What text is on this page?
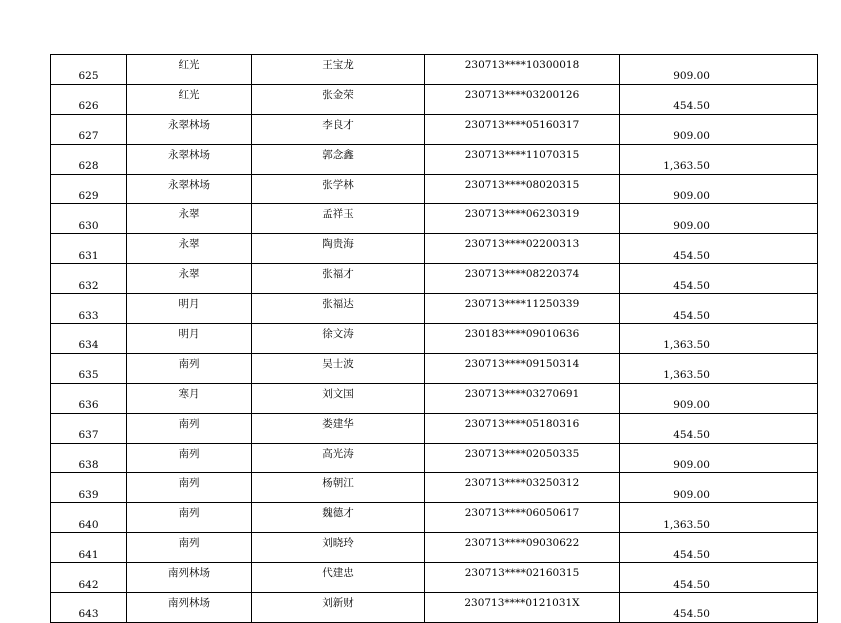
625	红光	王宝龙	230713****10300018	909.00
626	红光	张金荣	230713****03200126	454.50
627	永翠林场	李良才	230713****05160317	909.00
628	永翠林场	郭念鑫	230713****11070315	1,363.50
629	永翠林场	张学林	230713****08020315	909.00
630	永翠	孟祥玉	230713****06230319	909.00
631	永翠	陶贵海	230713****02200313	454.50
632	永翠	张福才	230713****08220374	454.50
633	明月	张福达	230713****11250339	454.50
634	明月	徐文涛	230183****09010636	1,363.50
635	南列	吴士波	230713****09150314	1,363.50
636	寒月	刘文国	230713****03270691	909.00
637	南列	娄建华	230713****05180316	454.50
638	南列	高光涛	230713****02050335	909.00
639	南列	杨朝江	230713****03250312	909.00
640	南列	魏德才	230713****06050617	1,363.50
641	南列	刘晓玲	230713****09030622	454.50
642	南列林场	代建忠	230713****02160315	454.50
643	南列林场	刘新财	230713****0121031X	454.50
